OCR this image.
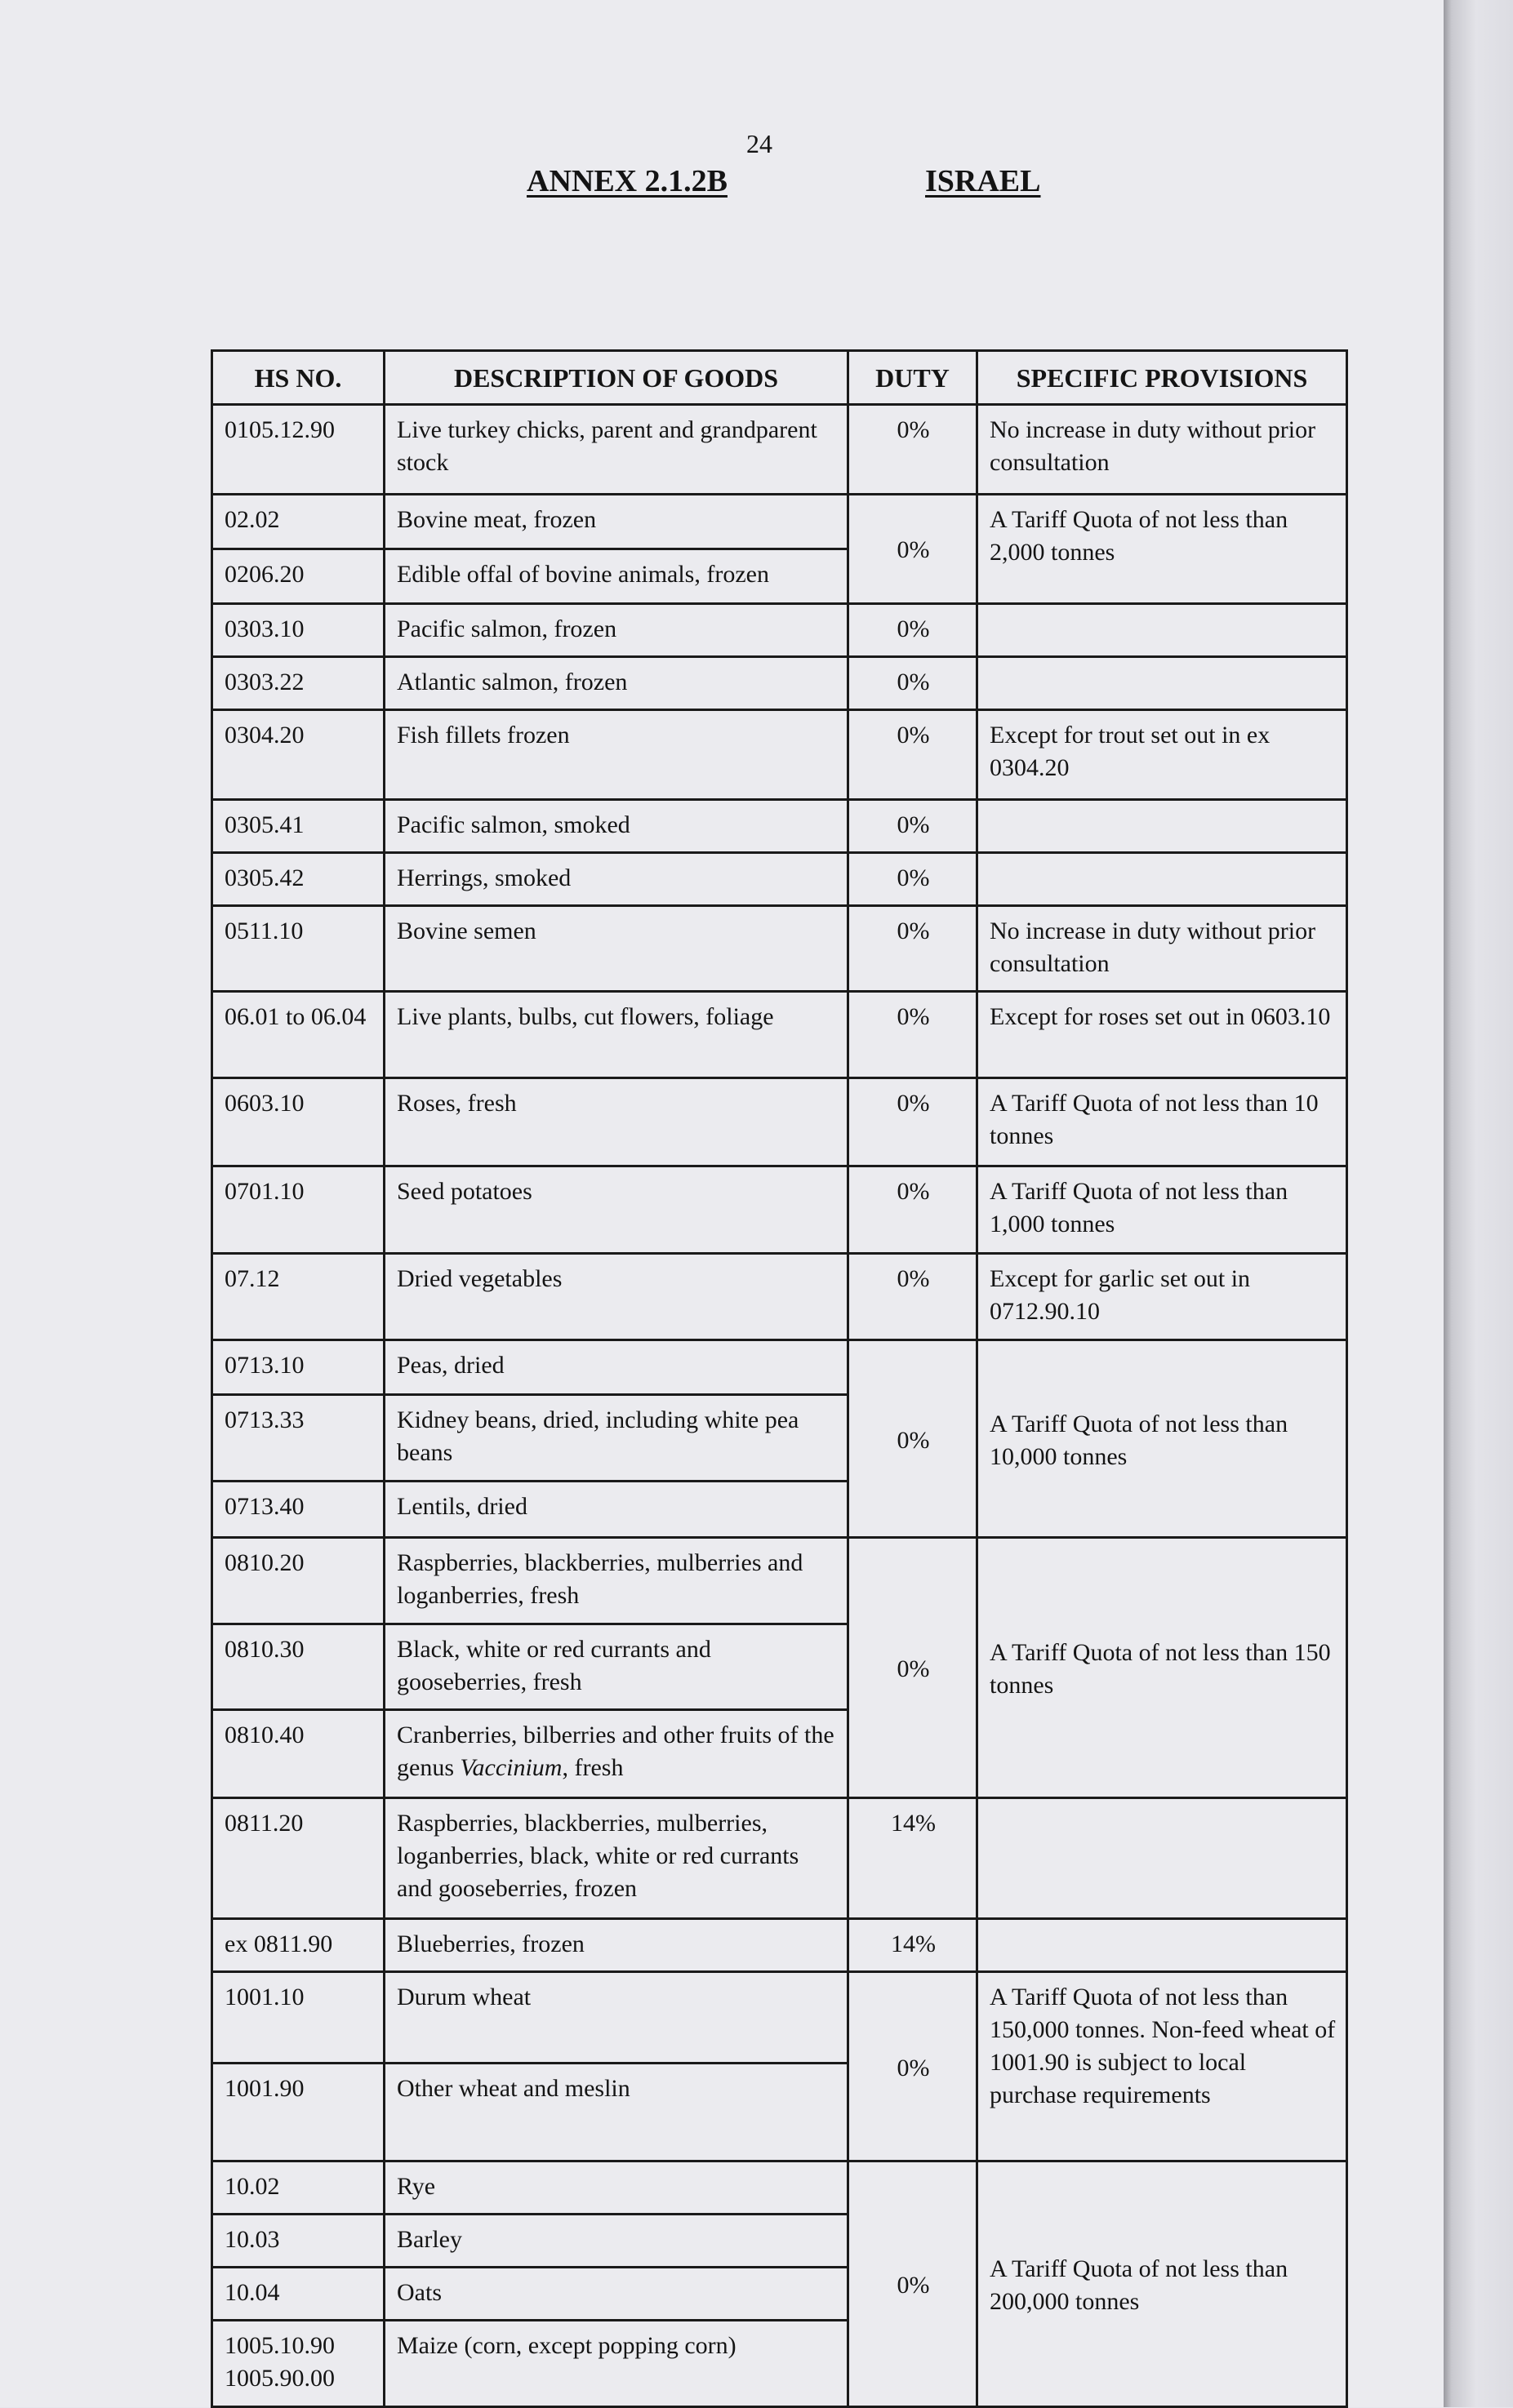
24
ANNEX 2.1.2B	ISRAEL
HS NO.	DESCRIPTION OF GOODS	DUTY	SPECIFIC PROVISIONS
0105.12.90	Live turkey chicks, parent and grandparent stock	0%	No increase in duty without prior consultation
02.02	Bovine meat, frozen	0%	A Tariff Quota of not less than 2,000 tonnes
0206.20	Edible offal of bovine animals, frozen		
0303.10	Pacific salmon, frozen	0%	
0303.22	Atlantic salmon, frozen	0%	
0304.20	Fish fillets frozen	0%	Except for trout set out in ex 0304.20
0305.41	Pacific salmon, smoked	0%	
0305.42	Herrings, smoked	0%	
0511.10	Bovine semen	0%	No increase in duty without prior consultation
06.01 to 06.04	Live plants, bulbs, cut flowers, foliage	0%	Except for roses set out in 0603.10
0603.10	Roses, fresh	0%	A Tariff Quota of not less than 10 tonnes
0701.10	Seed potatoes	0%	A Tariff Quota of not less than 1,000 tonnes
07.12	Dried vegetables	0%	Except for garlic set out in 0712.90.10
0713.10	Peas, dried	0%	A Tariff Quota of not less than 10,000 tonnes
0713.33	Kidney beans, dried, including white pea beans		
0713.40	Lentils, dried		
0810.20	Raspberries, blackberries, mulberries and loganberries, fresh	0%	A Tariff Quota of not less than 150 tonnes
0810.30	Black, white or red currants and gooseberries, fresh		
0810.40	Cranberries, bilberries and other fruits of the genus Vaccinium, fresh		
0811.20	Raspberries, blackberries, mulberries, loganberries, black, white or red currants and gooseberries, frozen	14%	
ex 0811.90	Blueberries, frozen	14%	
1001.10	Durum wheat	0%	A Tariff Quota of not less than 150,000 tonnes. Non-feed wheat of 1001.90 is subject to local purchase requirements
1001.90	Other wheat and meslin		
10.02	Rye	0%	A Tariff Quota of not less than 200,000 tonnes
10.03	Barley		
10.04	Oats		
1005.10.90 1005.90.00	Maize (corn, except popping corn)		
